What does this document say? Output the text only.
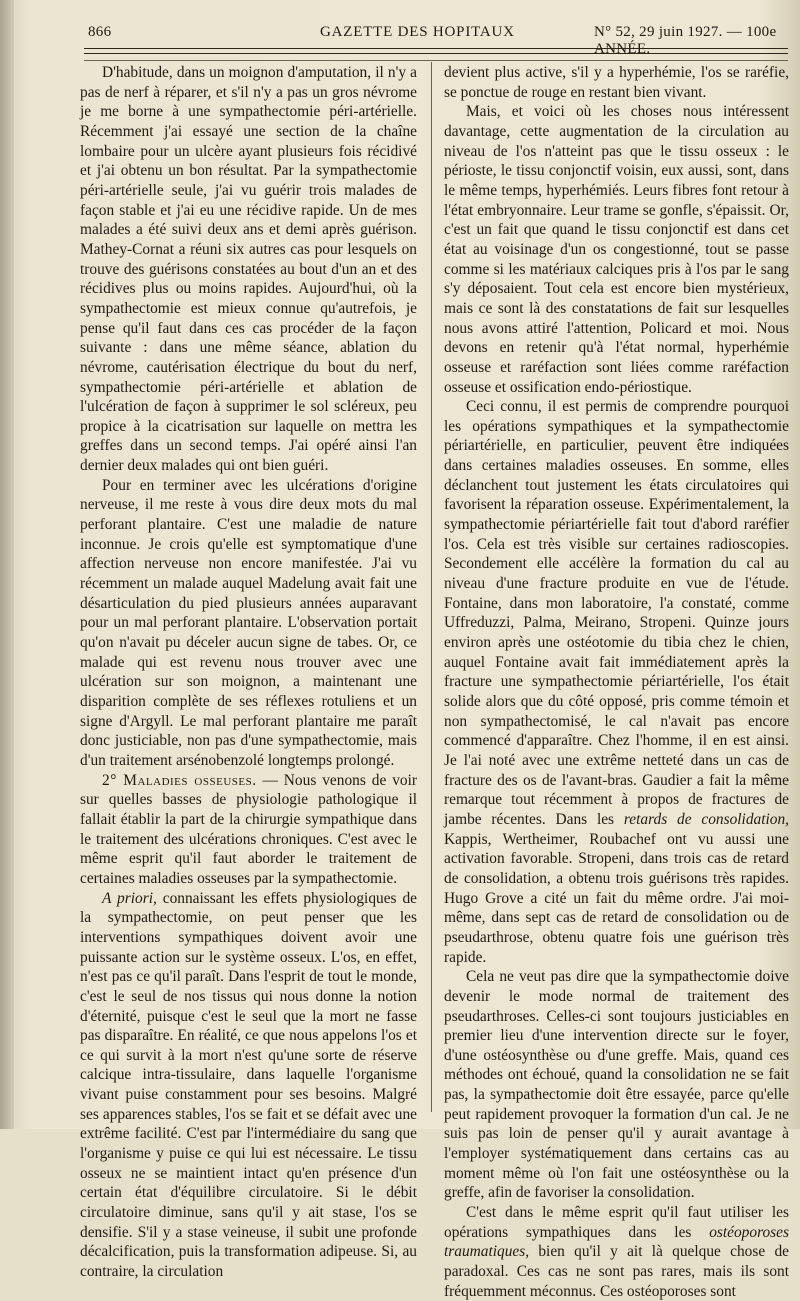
866	GAZETTE DES HOPITAUX	N° 52, 29 juin 1927. — 100e ANNÉE.

D'habitude, dans un moignon d'amputation, il n'y a pas de nerf à réparer, et s'il n'y a pas un gros névrome je me borne à une sympathectomie péri-artérielle. Récemment j'ai essayé une section de la chaîne lombaire pour un ulcère ayant plusieurs fois récidivé et j'ai obtenu un bon résultat. Par la sympathectomie péri-artérielle seule, j'ai vu guérir trois malades de façon stable et j'ai eu une récidive rapide. Un de mes malades a été suivi deux ans et demi après guérison. Mathey-Cornat a réuni six autres cas pour lesquels on trouve des guérisons constatées au bout d'un an et des récidives plus ou moins rapides. Aujourd'hui, où la sympathectomie est mieux connue qu'autrefois, je pense qu'il faut dans ces cas procéder de la façon suivante : dans une même séance, ablation du névrome, cautérisation électrique du bout du nerf, sympathectomie péri-artérielle et ablation de l'ulcération de façon à supprimer le sol scléreux, peu propice à la cicatrisation sur laquelle on mettra les greffes dans un second temps. J'ai opéré ainsi l'an dernier deux malades qui ont bien guéri.

Pour en terminer avec les ulcérations d'origine nerveuse, il me reste à vous dire deux mots du mal perforant plantaire. C'est une maladie de nature inconnue. Je crois qu'elle est symptomatique d'une affection nerveuse non encore manifestée. J'ai vu récemment un malade auquel Madelung avait fait une désarticulation du pied plusieurs années auparavant pour un mal perforant plantaire. L'observation portait qu'on n'avait pu déceler aucun signe de tabes. Or, ce malade qui est revenu nous trouver avec une ulcération sur son moignon, a maintenant une disparition complète de ses réflexes rotuliens et un signe d'Argyll. Le mal perforant plantaire me paraît donc justiciable, non pas d'une sympathectomie, mais d'un traitement arsénobenzolé longtemps prolongé.

2° Maladies osseuses. — Nous venons de voir sur quelles basses de physiologie pathologique il fallait établir la part de la chirurgie sympathique dans le traitement des ulcérations chroniques. C'est avec le même esprit qu'il faut aborder le traitement de certaines maladies osseuses par la sympathectomie.

A priori, connaissant les effets physiologiques de la sympathectomie, on peut penser que les interventions sympathiques doivent avoir une puissante action sur le système osseux. L'os, en effet, n'est pas ce qu'il paraît. Dans l'esprit de tout le monde, c'est le seul de nos tissus qui nous donne la notion d'éternité, puisque c'est le seul que la mort ne fasse pas disparaître. En réalité, ce que nous appelons l'os et ce qui survit à la mort n'est qu'une sorte de réserve calcique intra-tissulaire, dans laquelle l'organisme vivant puise constamment pour ses besoins. Malgré ses apparences stables, l'os se fait et se défait avec une extrême facilité. C'est par l'intermédiaire du sang que l'organisme y puise ce qui lui est nécessaire. Le tissu osseux ne se maintient intact qu'en présence d'un certain état d'équilibre circulatoire. Si le débit circulatoire diminue, sans qu'il y ait stase, l'os se densifie. S'il y a stase veineuse, il subit une profonde décalcification, puis la transformation adipeuse. Si, au contraire, la circulation

devient plus active, s'il y a hyperhémie, l'os se raréfie, se ponctue de rouge en restant bien vivant.

Mais, et voici où les choses nous intéressent davantage, cette augmentation de la circulation au niveau de l'os n'atteint pas que le tissu osseux : le périoste, le tissu conjonctif voisin, eux aussi, sont, dans le même temps, hyperhémiés. Leurs fibres font retour à l'état embryonnaire. Leur trame se gonfle, s'épaissit. Or, c'est un fait que quand le tissu conjonctif est dans cet état au voisinage d'un os congestionné, tout se passe comme si les matériaux calciques pris à l'os par le sang s'y déposaient. Tout cela est encore bien mystérieux, mais ce sont là des constatations de fait sur lesquelles nous avons attiré l'attention, Policard et moi. Nous devons en retenir qu'à l'état normal, hyperhémie osseuse et raréfaction sont liées comme raréfaction osseuse et ossification endo-périostique.

Ceci connu, il est permis de comprendre pourquoi les opérations sympathiques et la sympathectomie périartérielle, en particulier, peuvent être indiquées dans certaines maladies osseuses. En somme, elles déclanchent tout justement les états circulatoires qui favorisent la réparation osseuse. Expérimentalement, la sympathectomie périartérielle fait tout d'abord raréfier l'os. Cela est très visible sur certaines radioscopies. Secondement elle accélère la formation du cal au niveau d'une fracture produite en vue de l'étude. Fontaine, dans mon laboratoire, l'a constaté, comme Uffreduzzi, Palma, Meirano, Stropeni. Quinze jours environ après une ostéotomie du tibia chez le chien, auquel Fontaine avait fait immédiatement après la fracture une sympathectomie périartérielle, l'os était solide alors que du côté opposé, pris comme témoin et non sympathectomisé, le cal n'avait pas encore commencé d'apparaître. Chez l'homme, il en est ainsi. Je l'ai noté avec une extrême netteté dans un cas de fracture des os de l'avant-bras. Gaudier a fait la même remarque tout récemment à propos de fractures de jambe récentes. Dans les retards de consolidation, Kappis, Wertheimer, Roubachef ont vu aussi une activation favorable. Stropeni, dans trois cas de retard de consolidation, a obtenu trois guérisons très rapides. Hugo Grove a cité un fait du même ordre. J'ai moi-même, dans sept cas de retard de consolidation ou de pseudarthrose, obtenu quatre fois une guérison très rapide.

Cela ne veut pas dire que la sympathectomie doive devenir le mode normal de traitement des pseudarthroses. Celles-ci sont toujours justiciables en premier lieu d'une intervention directe sur le foyer, d'une ostéosynthèse ou d'une greffe. Mais, quand ces méthodes ont échoué, quand la consolidation ne se fait pas, la sympathectomie doit être essayée, parce qu'elle peut rapidement provoquer la formation d'un cal. Je ne suis pas loin de penser qu'il y aurait avantage à l'employer systématiquement dans certains cas au moment même où l'on fait une ostéosynthèse ou la greffe, afin de favoriser la consolidation.

C'est dans le même esprit qu'il faut utiliser les opérations sympathiques dans les ostéoporoses traumatiques, bien qu'il y ait là quelque chose de paradoxal. Ces cas ne sont pas rares, mais ils sont fréquemment méconnus. Ces ostéoporoses sont
